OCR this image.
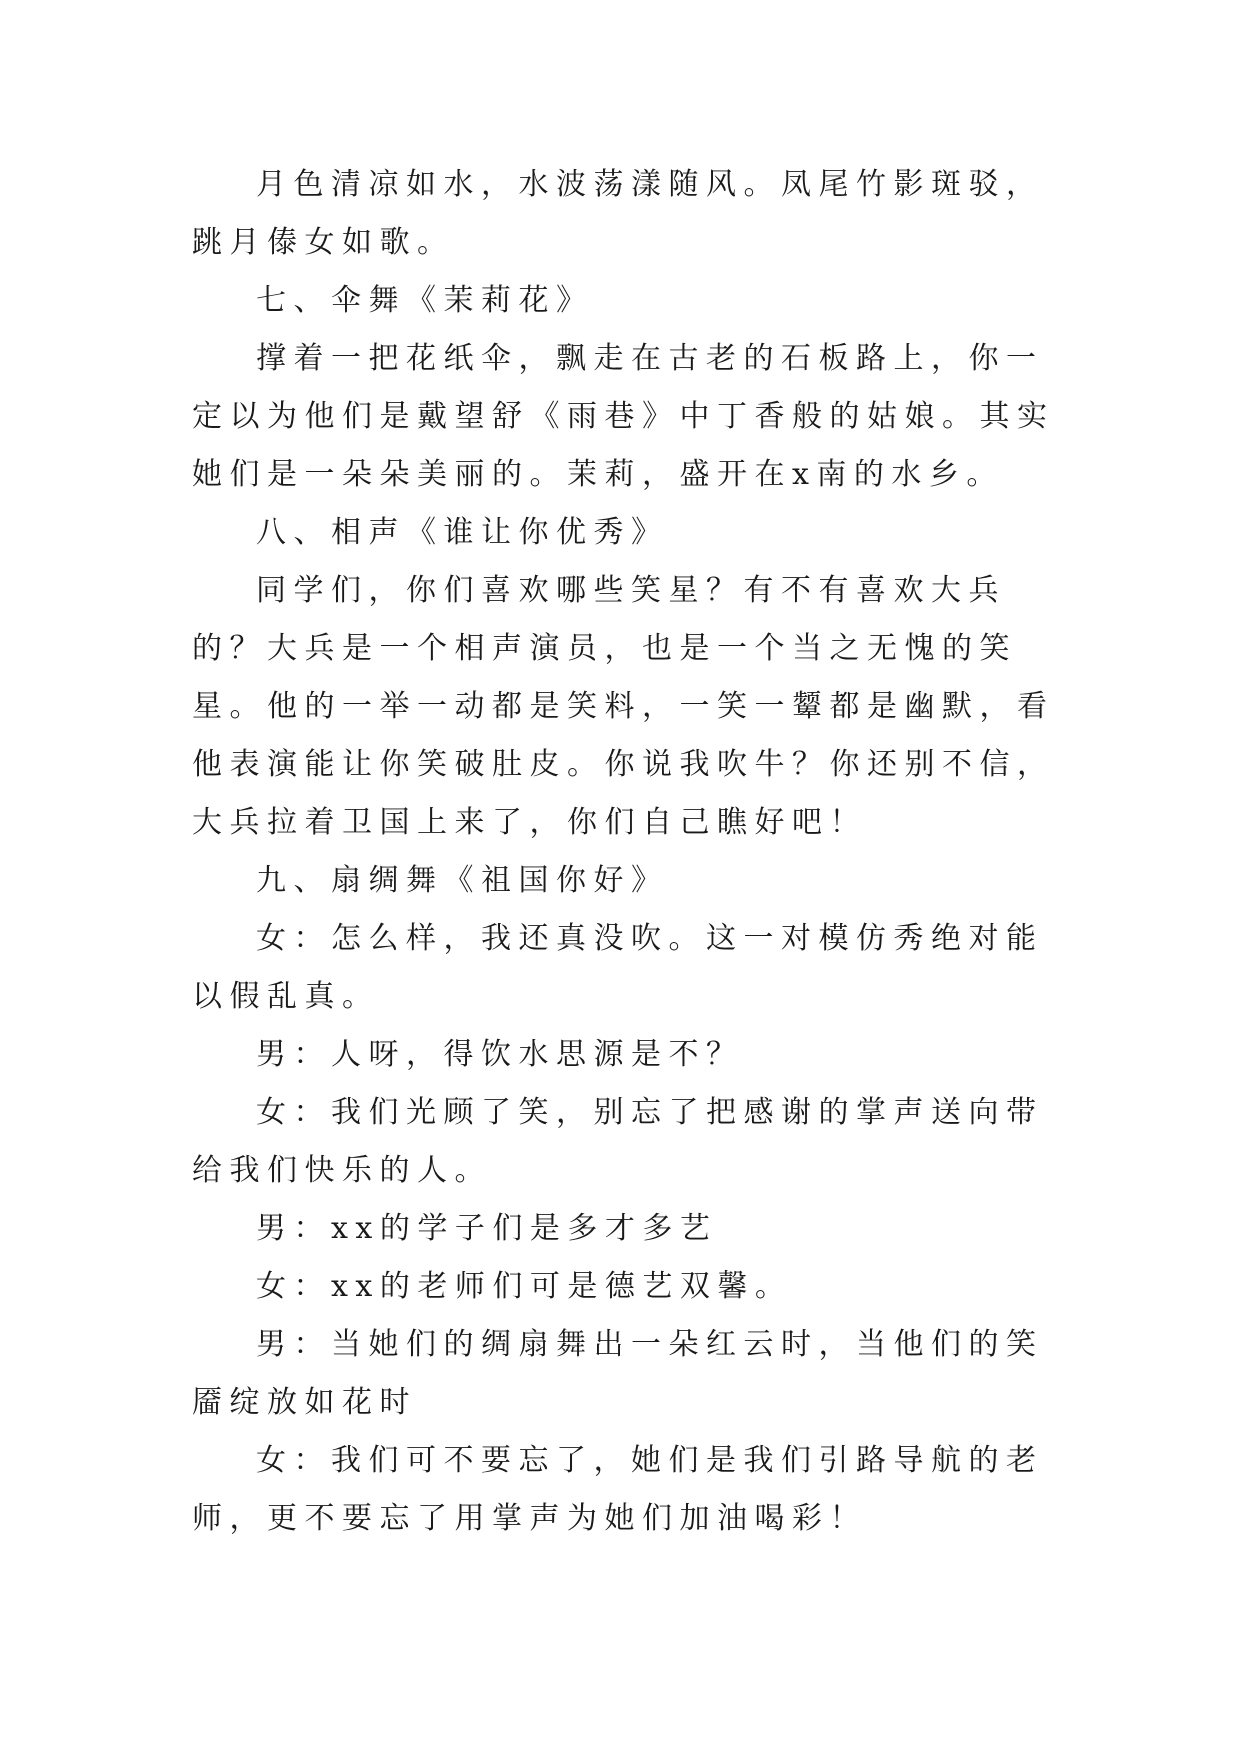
月色清凉如水，水波荡漾随风。凤尾竹影斑驳，跳月傣女如歌。

七、伞舞《茉莉花》

撑着一把花纸伞，飘走在古老的石板路上，你一定以为他们是戴望舒《雨巷》中丁香般的姑娘。其实她们是一朵朵美丽的。茉莉，盛开在x南的水乡。

八、相声《谁让你优秀》

同学们，你们喜欢哪些笑星？有不有喜欢大兵的？大兵是一个相声演员，也是一个当之无愧的笑星。他的一举一动都是笑料，一笑一颦都是幽默，看他表演能让你笑破肚皮。你说我吹牛？你还别不信，大兵拉着卫国上来了，你们自己瞧好吧！

九、扇绸舞《祖国你好》

女：怎么样，我还真没吹。这一对模仿秀绝对能以假乱真。

男：人呀，得饮水思源是不？

女：我们光顾了笑，别忘了把感谢的掌声送向带给我们快乐的人。

男：xx的学子们是多才多艺

女：xx的老师们可是德艺双馨。

男：当她们的绸扇舞出一朵红云时，当他们的笑靥绽放如花时

女：我们可不要忘了，她们是我们引路导航的老师，更不要忘了用掌声为她们加油喝彩！
